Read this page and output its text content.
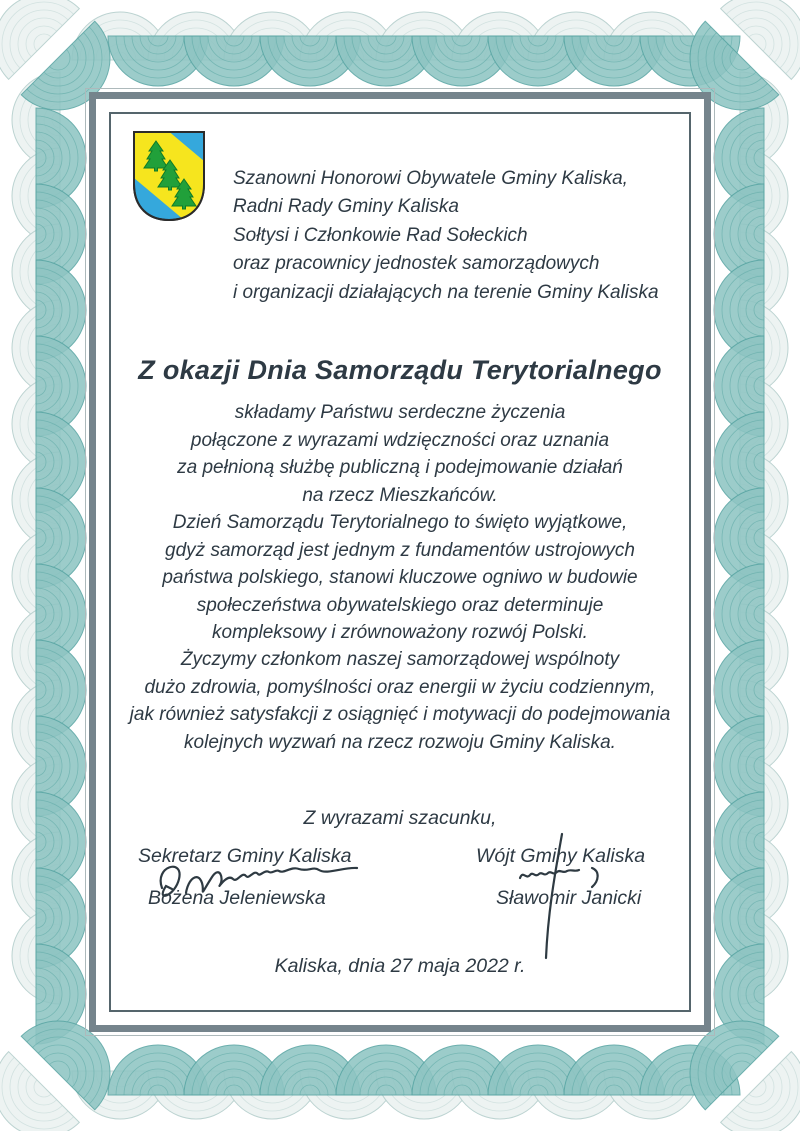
Szanowni Honorowi Obywatele Gminy Kaliska,
Radni Rady Gminy Kaliska
Sołtysi i Członkowie Rad Sołeckich
oraz pracownicy jednostek samorządowych
i organizacji działających na terenie Gminy Kaliska
Z okazji Dnia Samorządu Terytorialnego
składamy Państwu serdeczne życzenia
połączone z wyrazami wdzięczności oraz uznania
za pełnioną służbę publiczną i podejmowanie działań
na rzecz Mieszkańców.
Dzień Samorządu Terytorialnego to święto wyjątkowe,
gdyż samorząd jest jednym z fundamentów ustrojowych
państwa polskiego, stanowi kluczowe ogniwo w budowie
społeczeństwa obywatelskiego oraz determinuje
kompleksowy i zrównoważony rozwój Polski.
Życzymy członkom naszej samorządowej wspólnoty
dużo zdrowia, pomyślności oraz energii w życiu codziennym,
jak również satysfakcji z osiągnięć i motywacji do podejmowania
kolejnych wyzwań na rzecz rozwoju Gminy Kaliska.
Z wyrazami szacunku,
Sekretarz Gminy Kaliska	Wójt Gminy Kaliska
Bożena Jeleniewska	Sławomir Janicki
Kaliska, dnia 27 maja 2022 r.
